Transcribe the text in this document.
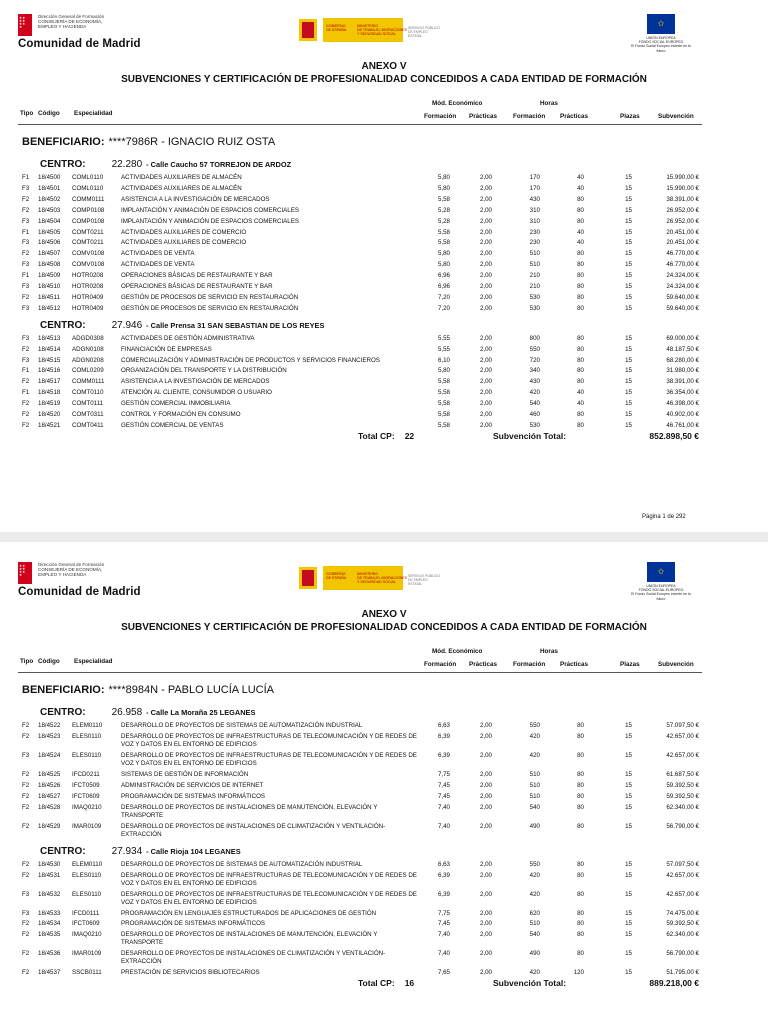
★★
★★
★★
★
Dirección General de Formación
CONSEJERÍA DE ECONOMÍA,
EMPLEO Y HACIENDA
Comunidad de Madrid
GOBIERNO
DE ESPAÑA
MINISTERIO
DE TRABAJO, MIGRACIONES
Y SEGURIDAD SOCIAL
SERVICIO PÚBLICO
DE EMPLEO ESTATAL
✩
UNIÓN EUROPEA
FONDO SOCIAL EUROPEO
El Fondo Social Europeo invierte en tu futuro
ANEXO V
SUBVENCIONES Y CERTIFICACIÓN DE PROFESIONALIDAD CONCEDIDOS A CADA ENTIDAD DE FORMACIÓN
Mód. Económico	Horas
Tipo Código Especialidad	Formación Prácticas	Formación Prácticas	Plazas	Subvención
BENEFICIARIO: ****7986R - IGNACIO RUIZ OSTA
CENTRO:	22.280 - Calle Caucho 57 TORREJON DE ARDOZ
F1 18/4500 COML0110	ACTIVIDADES AUXILIARES DE ALMACÉN	5,80	2,00	170	40	15	15.990,00 €
F3 18/4501 COML0110	ACTIVIDADES AUXILIARES DE ALMACÉN	5,80	2,00	170	40	15	15.990,00 €
F2 18/4502 COMM0111	ASISTENCIA A LA INVESTIGACIÓN DE MERCADOS	5,58	2,00	430	80	15	38.391,00 €
F2 18/4503 COMP0108	IMPLANTACIÓN Y ANIMACIÓN DE ESPACIOS COMERCIALES	5,28	2,00	310	80	15	26.952,00 €
F3 18/4504 COMP0108	IMPLANTACIÓN Y ANIMACIÓN DE ESPACIOS COMERCIALES	5,28	2,00	310	80	15	26.952,00 €
F1 18/4505 COMT0211	ACTIVIDADES AUXILIARES DE COMERCIO	5,58	2,00	230	40	15	20.451,00 €
F3 18/4506 COMT0211	ACTIVIDADES AUXILIARES DE COMERCIO	5,58	2,00	230	40	15	20.451,00 €
F2 18/4507 COMV0108	ACTIVIDADES DE VENTA	5,80	2,00	510	80	15	46.770,00 €
F3 18/4508 COMV0108	ACTIVIDADES DE VENTA	5,80	2,00	510	80	15	46.770,00 €
F1 18/4509 HOTR0208	OPERACIONES BÁSICAS DE RESTAURANTE Y BAR	6,96	2,00	210	80	15	24.324,00 €
F3 18/4510 HOTR0208	OPERACIONES BÁSICAS DE RESTAURANTE Y BAR	6,96	2,00	210	80	15	24.324,00 €
F2 18/4511 HOTR0409	GESTIÓN DE PROCESOS DE SERVICIO EN RESTAURACIÓN	7,20	2,00	530	80	15	59.640,00 €
F3 18/4512 HOTR0409	GESTIÓN DE PROCESOS DE SERVICIO EN RESTAURACIÓN	7,20	2,00	530	80	15	59.640,00 €
CENTRO:	27.946 - Calle Prensa 31 SAN SEBASTIAN DE LOS REYES
F3 18/4513 ADGD0308	ACTIVIDADES DE GESTIÓN ADMINISTRATIVA	5,55	2,00	800	80	15	69.000,00 €
F2 18/4514 ADGN0108	FINANCIACIÓN DE EMPRESAS	5,55	2,00	550	80	15	48.187,50 €
F3 18/4515 ADGN0208	COMERCIALIZACIÓN Y ADMINISTRACIÓN DE PRODUCTOS Y SERVICIOS FINANCIEROS	6,10	2,00	720	80	15	68.280,00 €
F1 18/4516 COML0209	ORGANIZACIÓN DEL TRANSPORTE Y LA DISTRIBUCIÓN	5,80	2,00	340	80	15	31.980,00 €
F2 18/4517 COMM0111	ASISTENCIA A LA INVESTIGACIÓN DE MERCADOS	5,58	2,00	430	80	15	38.391,00 €
F1 18/4518 COMT0110	ATENCIÓN AL CLIENTE, CONSUMIDOR O USUARIO	5,58	2,00	420	40	15	36.354,00 €
F2 18/4519 COMT0111	GESTIÓN COMERCIAL INMOBILIARIA	5,58	2,00	540	40	15	46.398,00 €
F2 18/4520 COMT0311	CONTROL Y FORMACIÓN EN CONSUMO	5,58	2,00	460	80	15	40.902,00 €
F2 18/4521 COMT0411	GESTIÓN COMERCIAL DE VENTAS	5,58	2,00	530	80	15	46.761,00 €
Total CP: 22	Subvención Total:	852.898,50 €
Página 1 de 292
★★
★★
★★
★
Dirección General de Formación
CONSEJERÍA DE ECONOMÍA,
EMPLEO Y HACIENDA
Comunidad de Madrid
GOBIERNO
DE ESPAÑA
MINISTERIO
DE TRABAJO, MIGRACIONES
Y SEGURIDAD SOCIAL
SERVICIO PÚBLICO
DE EMPLEO ESTATAL
✩
UNIÓN EUROPEA
FONDO SOCIAL EUROPEO
El Fondo Social Europeo invierte en tu futuro
ANEXO V
SUBVENCIONES Y CERTIFICACIÓN DE PROFESIONALIDAD CONCEDIDOS A CADA ENTIDAD DE FORMACIÓN
Mód. Económico	Horas
Tipo Código Especialidad	Formación Prácticas	Formación Prácticas	Plazas	Subvención
BENEFICIARIO: ****8984N - PABLO LUCÍA LUCÍA
CENTRO:	26.958 - Calle La Moraña 25 LEGANES
F2 18/4522 ELEM0110	DESARROLLO DE PROYECTOS DE SISTEMAS DE AUTOMATIZACIÓN INDUSTRIAL	6,63	2,00	550	80	15	57.097,50 €
F2 18/4523 ELES0110	DESARROLLO DE PROYECTOS DE INFRAESTRUCTURAS DE TELECOMUNICACIÓN Y DE REDES DE VOZ Y DATOS EN EL ENTORNO DE EDIFICIOS
6,39	2,00	420	80	15	42.657,00 €
F3 18/4524 ELES0110	DESARROLLO DE PROYECTOS DE INFRAESTRUCTURAS DE TELECOMUNICACIÓN Y DE REDES DE VOZ Y DATOS EN EL ENTORNO DE EDIFICIOS
6,39	2,00	420	80	15	42.657,00 €
F2 18/4525 IFCD0211	SISTEMAS DE GESTIÓN DE INFORMACIÓN	7,75	2,00	510	80	15	61.687,50 €
F2 18/4526 IFCT0509	ADMINISTRACIÓN DE SERVICIOS DE INTERNET	7,45	2,00	510	80	15	59.392,50 €
F2 18/4527 IFCT0609	PROGRAMACIÓN DE SISTEMAS INFORMÁTICOS	7,45	2,00	510	80	15	59.392,50 €
F2 18/4528 IMAQ0210	DESARROLLO DE PROYECTOS DE INSTALACIONES DE MANUTENCIÓN, ELEVACIÓN Y TRANSPORTE
7,40	2,00	540	80	15	62.340,00 €
F2 18/4529 IMAR0109	DESARROLLO DE PROYECTOS DE INSTALACIONES DE CLIMATIZACIÓN Y VENTILACIÓN-EXTRACCIÓN
7,40	2,00	490	80	15	56.790,00 €
CENTRO:	27.934 - Calle Rioja 104 LEGANES
F2 18/4530 ELEM0110	DESARROLLO DE PROYECTOS DE SISTEMAS DE AUTOMATIZACIÓN INDUSTRIAL	6,63	2,00	550	80	15	57.097,50 €
F2 18/4531 ELES0110	DESARROLLO DE PROYECTOS DE INFRAESTRUCTURAS DE TELECOMUNICACIÓN Y DE REDES DE VOZ Y DATOS EN EL ENTORNO DE EDIFICIOS
6,39	2,00	420	80	15	42.657,00 €
F3 18/4532 ELES0110	DESARROLLO DE PROYECTOS DE INFRAESTRUCTURAS DE TELECOMUNICACIÓN Y DE REDES DE VOZ Y DATOS EN EL ENTORNO DE EDIFICIOS
6,39	2,00	420	80	15	42.657,00 €
F3 18/4533 IFCD0111	PROGRAMACIÓN EN LENGUAJES ESTRUCTURADOS DE APLICACIONES DE GESTIÓN	7,75	2,00	620	80	15	74.475,00 €
F2 18/4534 IFCT0609	PROGRAMACIÓN DE SISTEMAS INFORMÁTICOS	7,45	2,00	510	80	15	59.392,50 €
F2 18/4535 IMAQ0210	DESARROLLO DE PROYECTOS DE INSTALACIONES DE MANUTENCIÓN, ELEVACIÓN Y TRANSPORTE
7,40	2,00	540	80	15	62.340,00 €
F2 18/4536 IMAR0109	DESARROLLO DE PROYECTOS DE INSTALACIONES DE CLIMATIZACIÓN Y VENTILACIÓN-EXTRACCIÓN
7,40	2,00	490	80	15	56.790,00 €
F2 18/4537 SSCB0111	PRESTACIÓN DE SERVICIOS BIBLIOTECARIOS	7,65	2,00	420	120	15	51.795,00 €
Total CP: 16	Subvención Total:	889.218,00 €
